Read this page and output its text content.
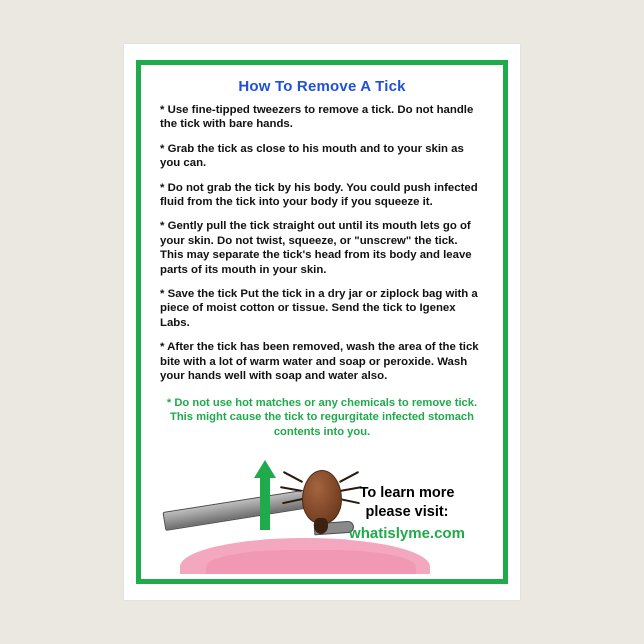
How To Remove A Tick

* Use fine-tipped tweezers to remove a tick. Do not handle the tick with bare hands.

* Grab the tick as close to his mouth and to your skin as you can.

* Do not grab the tick by his body. You could push infected fluid from the tick into your body if you squeeze it.

* Gently pull the tick straight out until its mouth lets go of your skin. Do not twist, squeeze, or "unscrew" the tick. This may separate the tick's head from its body and leave parts of its mouth in your skin.

* Save the tick Put the tick in a dry jar or ziplock bag with a piece of moist cotton or tissue. Send the tick to Igenex Labs.

* After the tick has been removed, wash the area of the tick bite with a lot of warm water and soap or peroxide. Wash your hands well with soap and water also.

* Do not use hot matches or any chemicals to remove tick. This might cause the tick to regurgitate infected stomach contents into you.
To learn more
please visit:
whatislyme.com
